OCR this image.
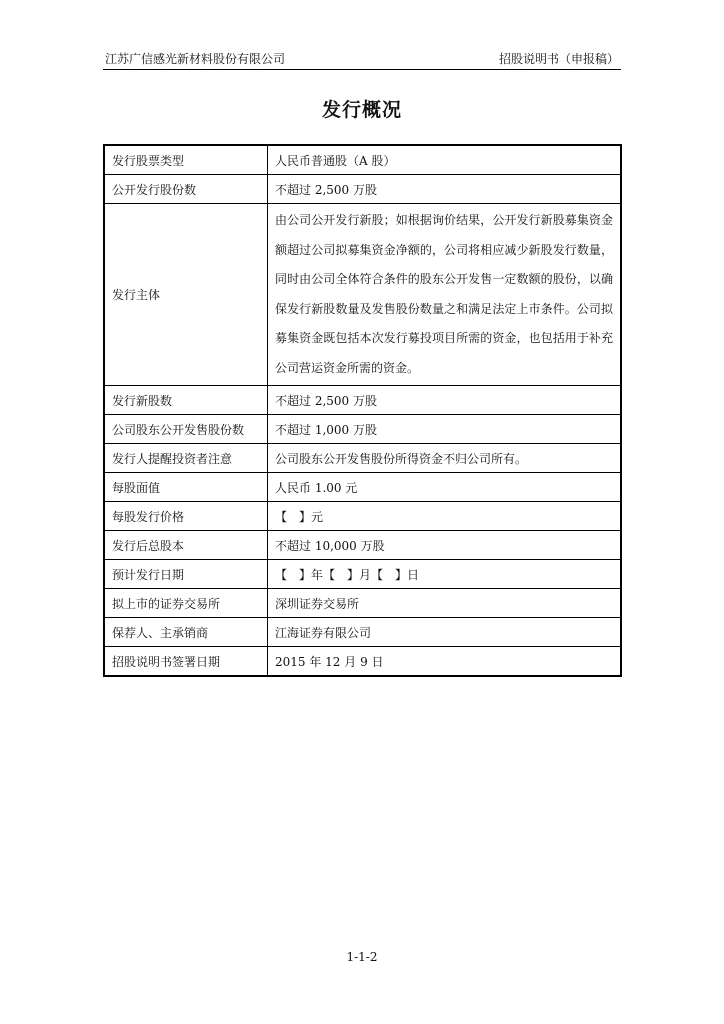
江苏广信感光新材料股份有限公司	招股说明书（申报稿）
发行概况
发行股票类型	人民币普通股（A 股）
公开发行股份数	不超过 2,500 万股
发行主体	由公司公开发行新股；如根据询价结果，公开发行新股募集资金额超过公司拟募集资金净额的，公司将相应减少新股发行数量，同时由公司全体符合条件的股东公开发售一定数额的股份，以确保发行新股数量及发售股份数量之和满足法定上市条件。公司拟募集资金既包括本次发行募投项目所需的资金，也包括用于补充公司营运资金所需的资金。
发行新股数	不超过 2,500 万股
公司股东公开发售股份数	不超过 1,000 万股
发行人提醒投资者注意	公司股东公开发售股份所得资金不归公司所有。
每股面值	人民币 1.00 元
每股发行价格	【　】元
发行后总股本	不超过 10,000 万股
预计发行日期	【　】年【　】月【　】日
拟上市的证券交易所	深圳证券交易所
保荐人、主承销商	江海证券有限公司
招股说明书签署日期	2015 年 12 月 9 日
1-1-2
